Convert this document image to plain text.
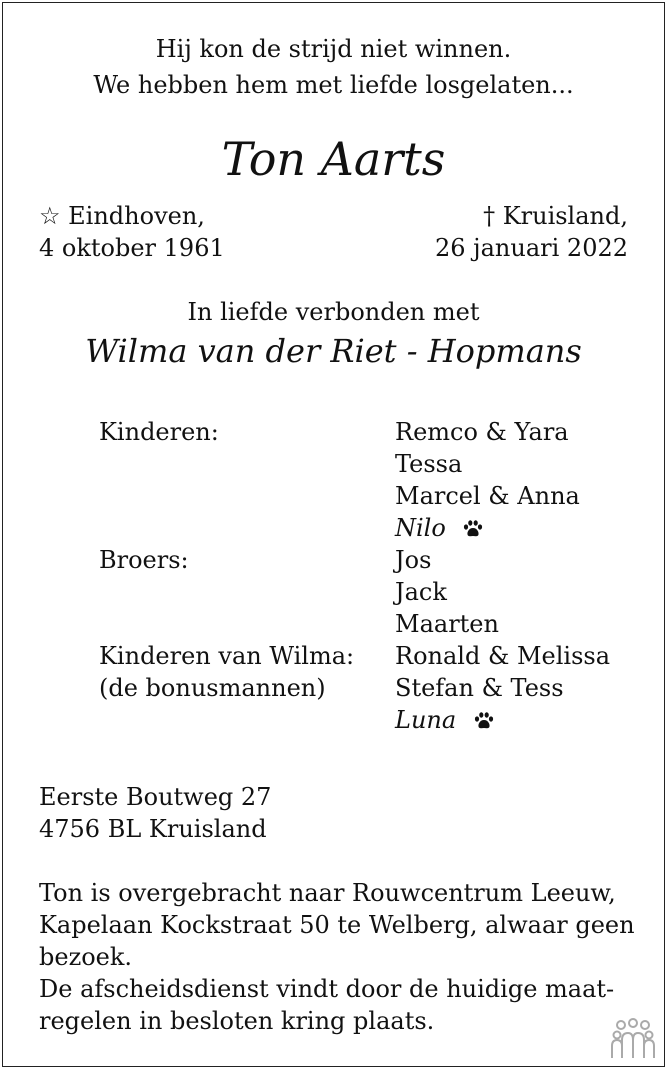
Hij kon de strijd niet winnen.
We hebben hem met liefde losgelaten...
Ton Aarts
☆ Eindhoven,
4 oktober 1961
† Kruisland,
26 januari 2022
In liefde verbonden met
Wilma van der Riet - Hopmans
Kinderen:	Remco & Yara
Tessa
Marcel & Anna
Nilo
Broers:	Jos
Jack
Maarten
Kinderen van Wilma:
(de bonusmannen)
Ronald & Melissa
Stefan & Tess
Luna
Eerste Boutweg 27
4756 BL Kruisland
Ton is overgebracht naar Rouwcentrum Leeuw,
Kapelaan Kockstraat 50 te Welberg, alwaar geen
bezoek.
De afscheidsdienst vindt door de huidige maat-
regelen in besloten kring plaats.
